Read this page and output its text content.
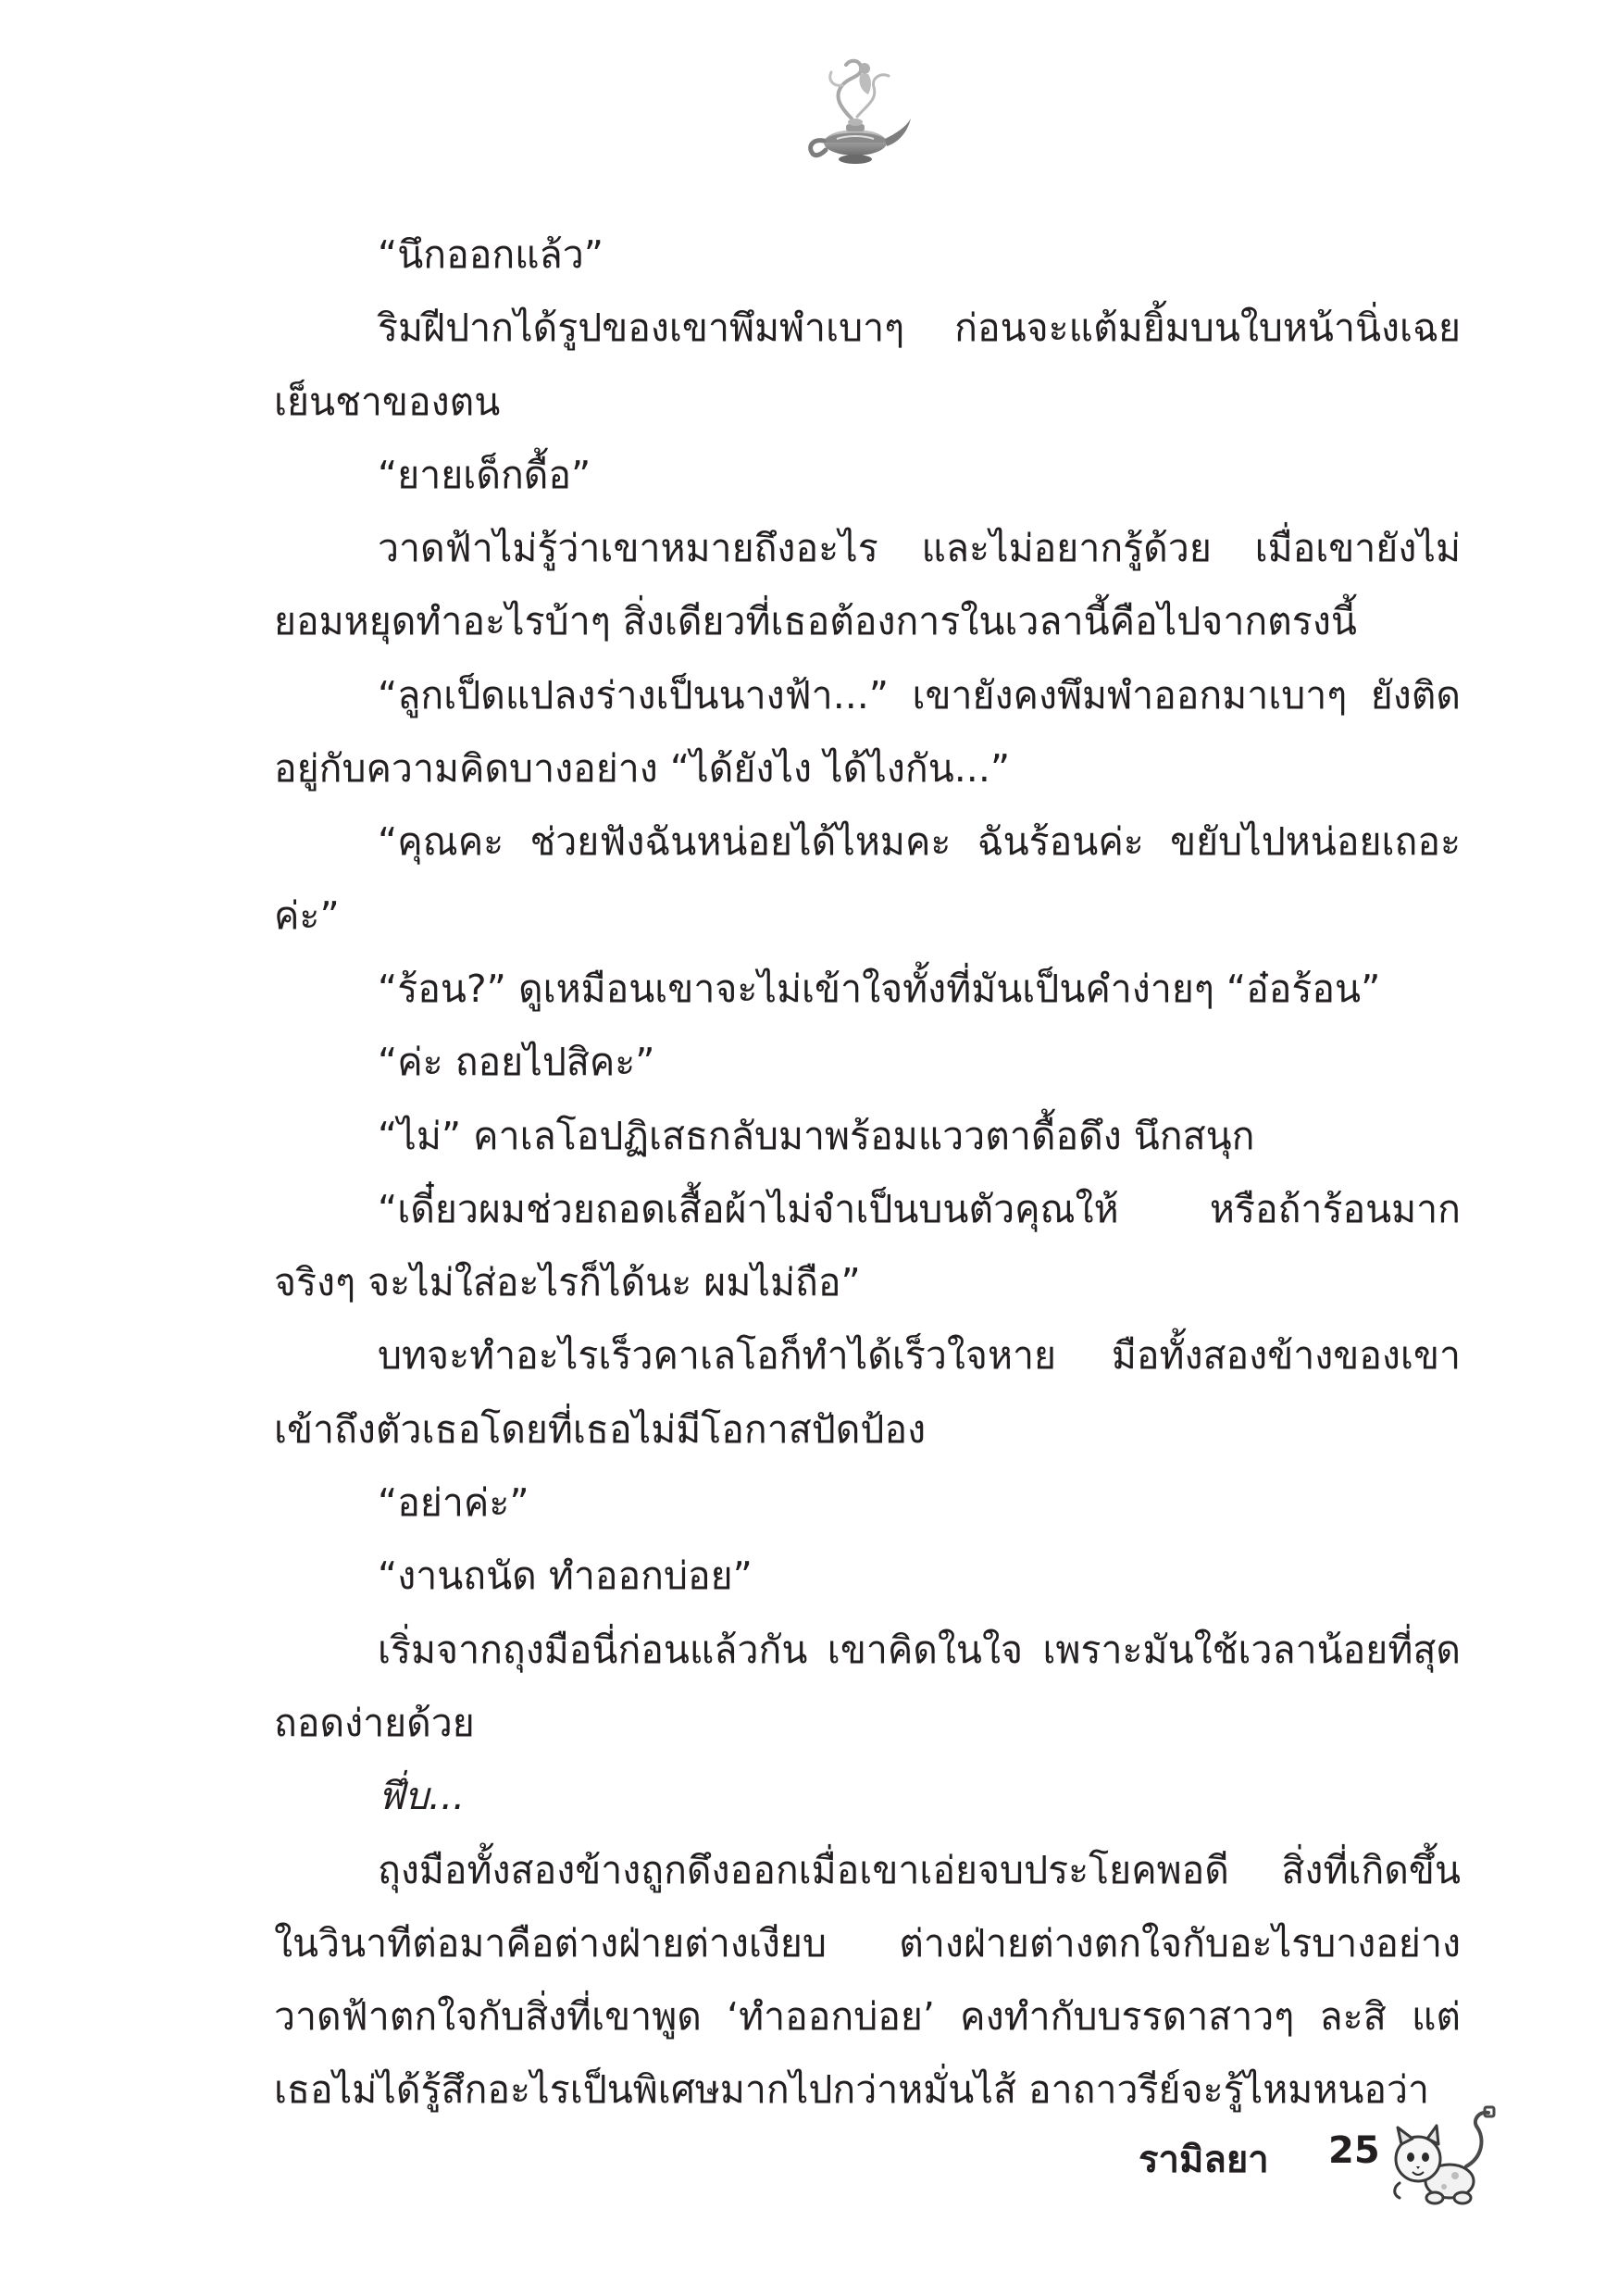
“นึกออกแล้ว”

ริมฝีปากได้รูปของเขาพึมพำเบาๆ ก่อนจะแต้มยิ้มบนใบหน้านิ่งเฉยเย็นชาของตน

“ยายเด็กดื้อ”

วาดฟ้าไม่รู้ว่าเขาหมายถึงอะไร และไม่อยากรู้ด้วย เมื่อเขายังไม่ยอมหยุดทำอะไรบ้าๆ สิ่งเดียวที่เธอต้องการในเวลานี้คือไปจากตรงนี้

“ลูกเป็ดแปลงร่างเป็นนางฟ้า...” เขายังคงพึมพำออกมาเบาๆ ยังติดอยู่กับความคิดบางอย่าง “ได้ยังไง ได้ไงกัน...”

“คุณคะ ช่วยฟังฉันหน่อยได้ไหมคะ ฉันร้อนค่ะ ขยับไปหน่อยเถอะค่ะ”

“ร้อน?” ดูเหมือนเขาจะไม่เข้าใจทั้งที่มันเป็นคำง่ายๆ “อ๋อร้อน”

“ค่ะ ถอยไปสิคะ”

“ไม่” คาเลโอปฏิเสธกลับมาพร้อมแววตาดื้อดึง นึกสนุก

“เดี๋ยวผมช่วยถอดเสื้อผ้าไม่จำเป็นบนตัวคุณให้ หรือถ้าร้อนมากจริงๆ จะไม่ใส่อะไรก็ได้นะ ผมไม่ถือ”

บทจะทำอะไรเร็วคาเลโอก็ทำได้เร็วใจหาย มือทั้งสองข้างของเขาเข้าถึงตัวเธอโดยที่เธอไม่มีโอกาสปัดป้อง

“อย่าค่ะ”

“งานถนัด ทำออกบ่อย”

เริ่มจากถุงมือนี่ก่อนแล้วกัน เขาคิดในใจ เพราะมันใช้เวลาน้อยที่สุดถอดง่ายด้วย

ฟึ่บ...

ถุงมือทั้งสองข้างถูกดึงออกเมื่อเขาเอ่ยจบประโยคพอดี สิ่งที่เกิดขึ้นในวินาทีต่อมาคือต่างฝ่ายต่างเงียบ ต่างฝ่ายต่างตกใจกับอะไรบางอย่าง วาดฟ้าตกใจกับสิ่งที่เขาพูด ‘ทำออกบ่อย’ คงทำกับบรรดาสาวๆ ละสิ แต่เธอไม่ได้รู้สึกอะไรเป็นพิเศษมากไปกว่าหมั่นไส้ อาถาวรีย์จะรู้ไหมหนอว่า

รามิลยา 25
